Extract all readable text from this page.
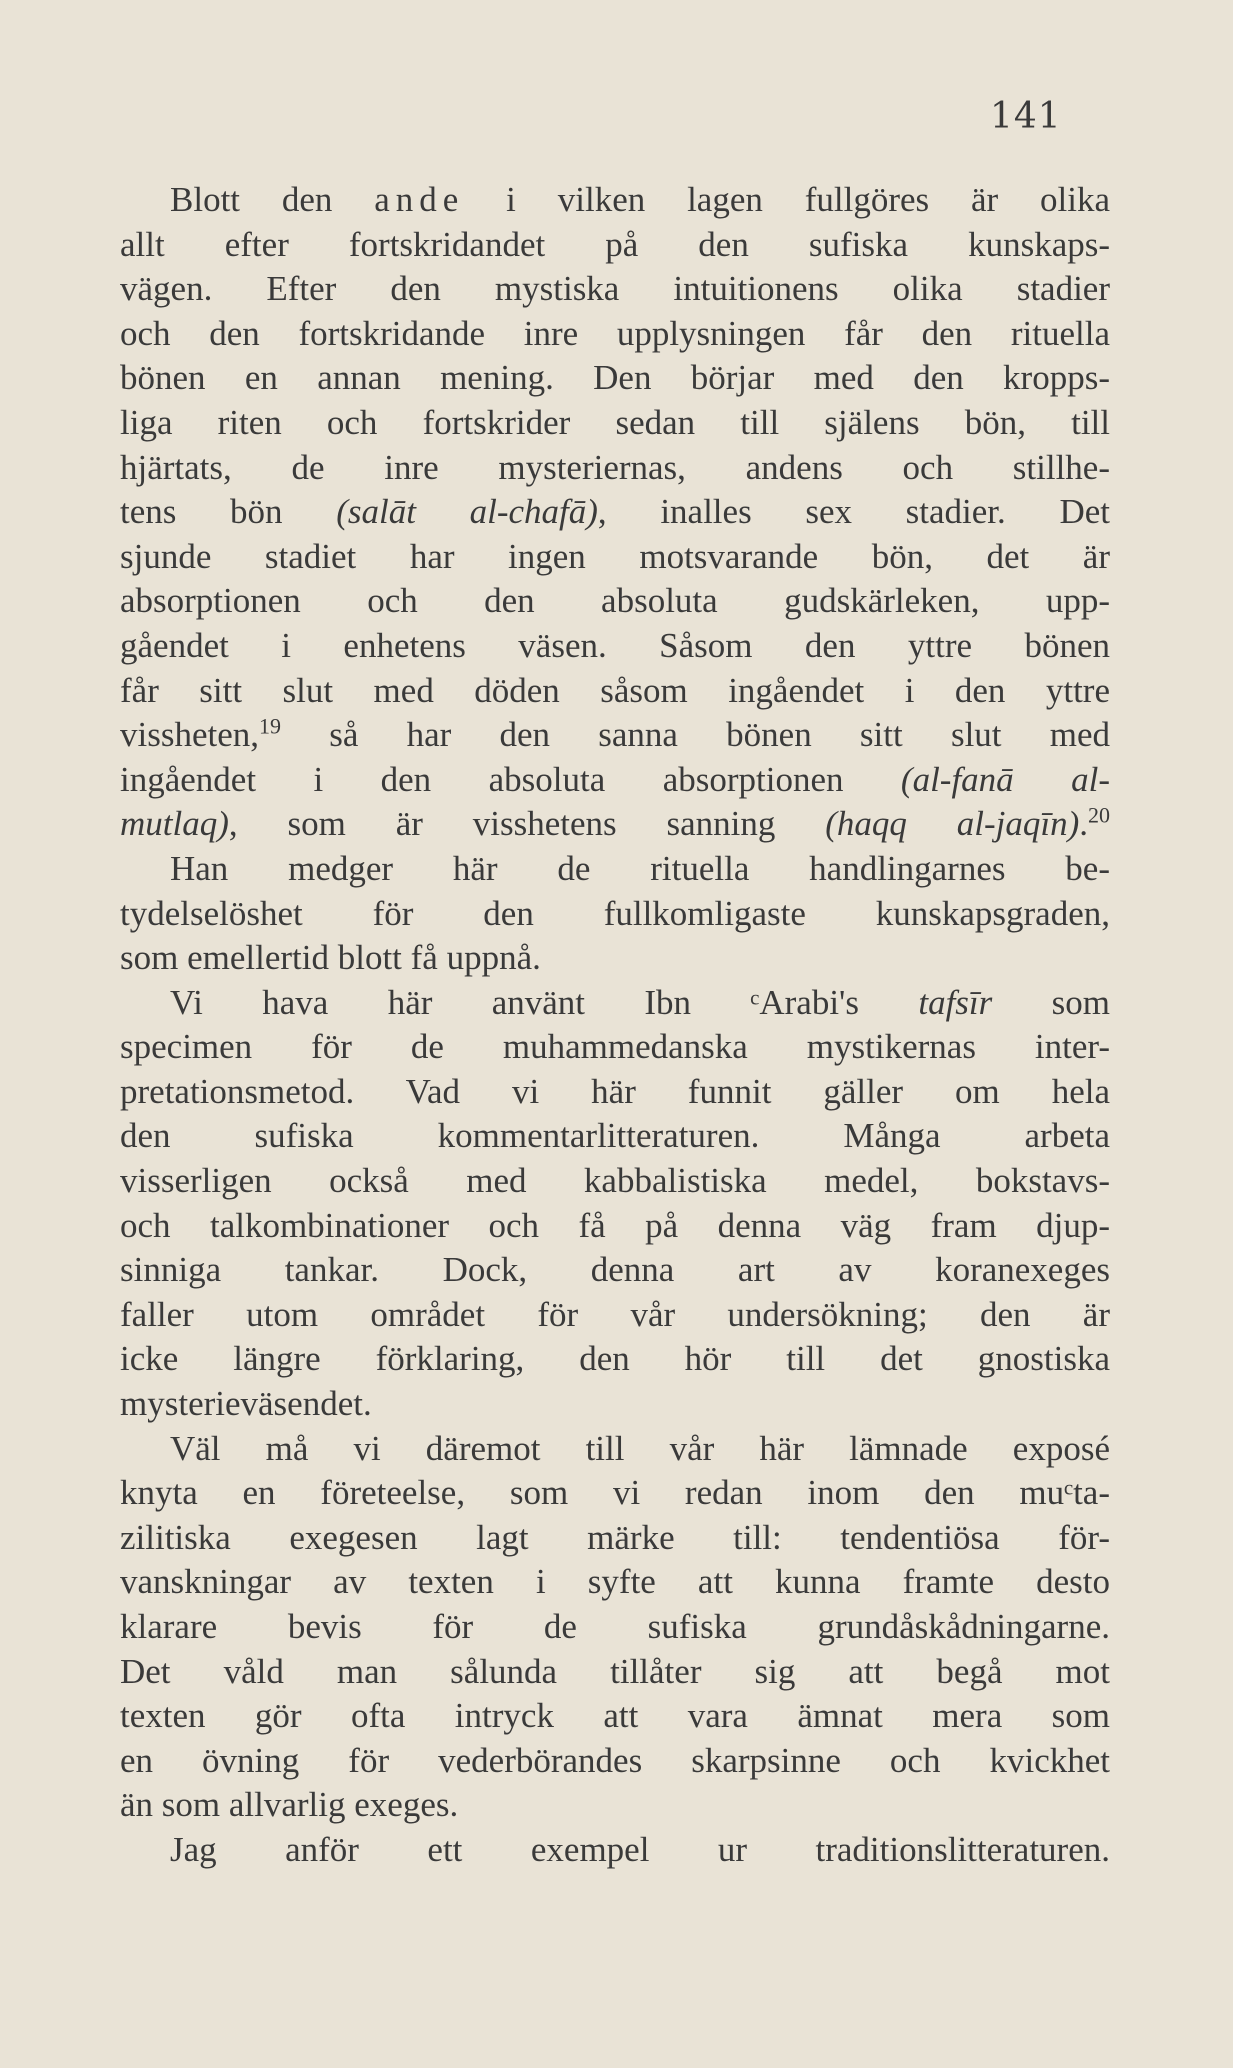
141
Blott den ande i vilken lagen fullgöres är olika
allt efter fortskridandet på den sufiska kunskaps-
vägen. Efter den mystiska intuitionens olika stadier
och den fortskridande inre upplysningen får den rituella
bönen en annan mening. Den börjar med den kropps-
liga riten och fortskrider sedan till själens bön, till
hjärtats, de inre mysteriernas, andens och stillhe-
tens bön (salāt al-chafā), inalles sex stadier. Det
sjunde stadiet har ingen motsvarande bön, det är
absorptionen och den absoluta gudskärleken, upp-
gåendet i enhetens väsen. Såsom den yttre bönen
får sitt slut med döden såsom ingåendet i den yttre
vissheten,$^{19}$ så har den sanna bönen sitt slut med
ingåendet i den absoluta absorptionen (al-fanā al-
mutlaq), som är visshetens sanning (haqq al-jaqīn).$^{20}$
Han medger här de rituella handlingarnes be-
tydelselöshet för den fullkomligaste kunskapsgraden,
som emellertid blott få uppnå.
Vi hava här använt Ibn ᶜArabi's tafsīr som
specimen för de muhammedanska mystikernas inter-
pretationsmetod. Vad vi här funnit gäller om hela
den sufiska kommentarlitteraturen. Många arbeta
visserligen också med kabbalistiska medel, bokstavs-
och talkombinationer och få på denna väg fram djup-
sinniga tankar. Dock, denna art av koranexeges
faller utom området för vår undersökning; den är
icke längre förklaring, den hör till det gnostiska
mysterieväsendet.
Väl må vi däremot till vår här lämnade exposé
knyta en företeelse, som vi redan inom den muᶜta-
zilitiska exegesen lagt märke till: tendentiösa för-
vanskningar av texten i syfte att kunna framte desto
klarare bevis för de sufiska grundåskådningarne.
Det våld man sålunda tillåter sig att begå mot
texten gör ofta intryck att vara ämnat mera som
en övning för vederbörandes skarpsinne och kvickhet
än som allvarlig exeges.
Jag anför ett exempel ur traditionslitteraturen.
